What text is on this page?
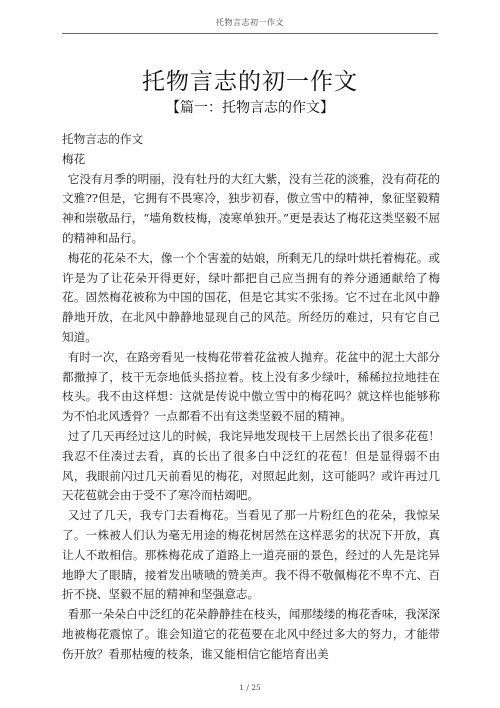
托物言志初一作文
托物言志的初一作文
【篇一：托物言志的作文】
托物言志的作文
梅花

它没有月季的明丽，没有牡丹的大红大紫，没有兰花的淡雅，没有荷花的文雅??但是，它拥有不畏寒冷，独步初春，傲立雪中的精神，象征坚毅精神和崇敬品行，“墙角数枝梅，凌寒单独开。”更是表达了梅花这类坚毅不屈的精神和品行。

梅花的花朵不大，像一个个害羞的姑娘，所剩无几的绿叶烘托着梅花。或许是为了让花朵开得更好，绿叶都把自己应当拥有的养分通通献给了梅花。固然梅花被称为中国的国花，但是它其实不张扬。它不过在北风中静静地开放，在北风中静静地显现自己的风范。所经历的难过，只有它自己知道。

有时一次，在路旁看见一枝梅花带着花盆被人抛弃。花盆中的泥土大部分都撒掉了，枝干无奈地低头搭拉着。枝上没有多少绿叶，稀稀拉拉地挂在枝头。我不由这样想：这就是传说中傲立雪中的梅花吗？就这样也能够称为不怕北风透骨？一点都看不出有这类坚毅不屈的精神。

过了几天再经过这儿的时候，我诧异地发现枝干上居然长出了很多花苞！我忍不住凑过去看，真的长出了很多白中泛红的花苞！但是显得弱不由风，我眼前闪过几天前看见的梅花，对照起此刻，这可能吗？或许再过几天花苞就会由于受不了寒冷而枯竭吧。

又过了几天，我专门去看梅花。当看见了那一片粉红色的花朵，我惊呆了。一株被人们认为毫无用途的梅花树居然在这样恶劣的状况下开放，真让人不敢相信。那株梅花成了道路上一道亮丽的景色，经过的人先是诧异地睁大了眼睛，接着发出啧啧的赞美声。我不得不敬佩梅花不卑不亢、百折不挠、坚毅不屈的精神和坚强意志。

看那一朵朵白中泛红的花朵静静挂在枝头，闻那缕缕的梅花香味，我深深地被梅花震惊了。谁会知道它的花苞要在北风中经过多大的努力，才能带伤开放？看那枯瘦的枝条，谁又能相信它能培育出美

1 / 25
